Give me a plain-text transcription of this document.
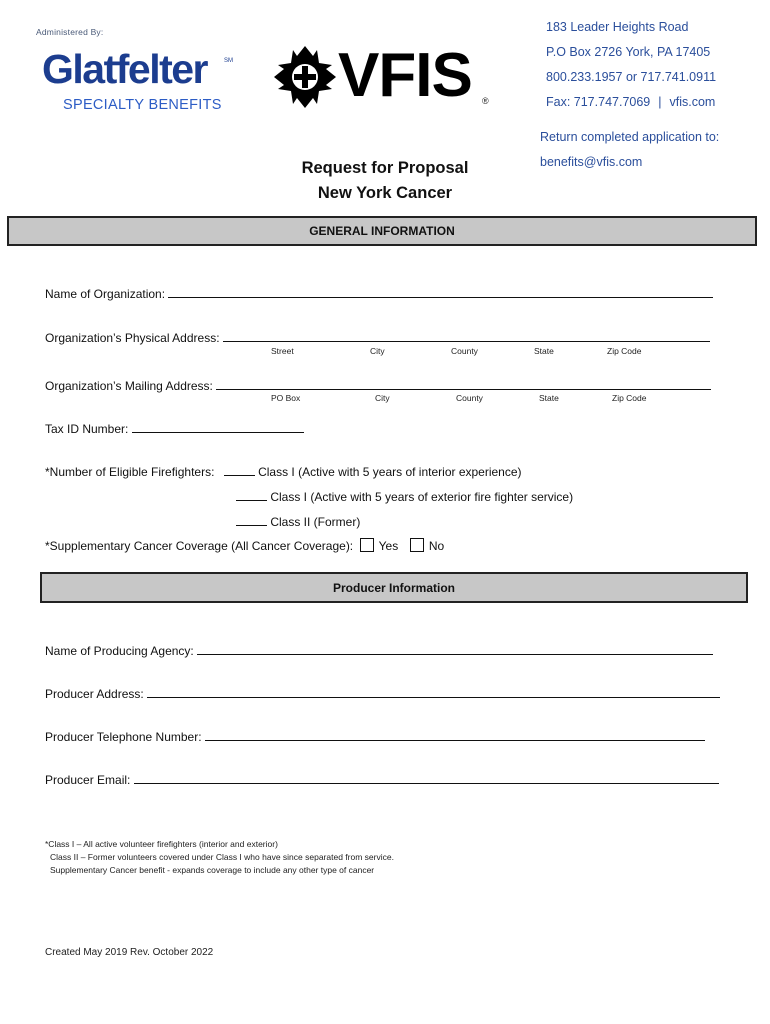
Administered By:
Glatfelter	SM
SPECIALTY BENEFITS VFIS ®
183 Leader Heights Road
P.O Box 2726 York, PA 17405
800.233.1957 or 717.741.0911
Fax: 717.747.7069 | vfis.com
Return completed application to:
benefits@vfis.com
Request for Proposal
New York Cancer
GENERAL INFORMATION
Name of Organization:
Organization’s Physical Address:
Street	City	County	State	Zip Code
Organization’s Mailing Address:
PO Box	City	County	State	Zip Code
Tax ID Number:
*Number of Eligible Firefighters:	Class I (Active with 5 years of interior experience)
Class I (Active with 5 years of exterior fire fighter service)
Class II (Former)
*Supplementary Cancer Coverage (All Cancer Coverage): Yes	No
Producer Information
Name of Producing Agency:
Producer Address:
Producer Telephone Number:
Producer Email:
*Class I – All active volunteer firefighters (interior and exterior)
Class II – Former volunteers covered under Class I who have since separated from service.
Supplementary Cancer benefit - expands coverage to include any other type of cancer
Created May 2019 Rev. October 2022
